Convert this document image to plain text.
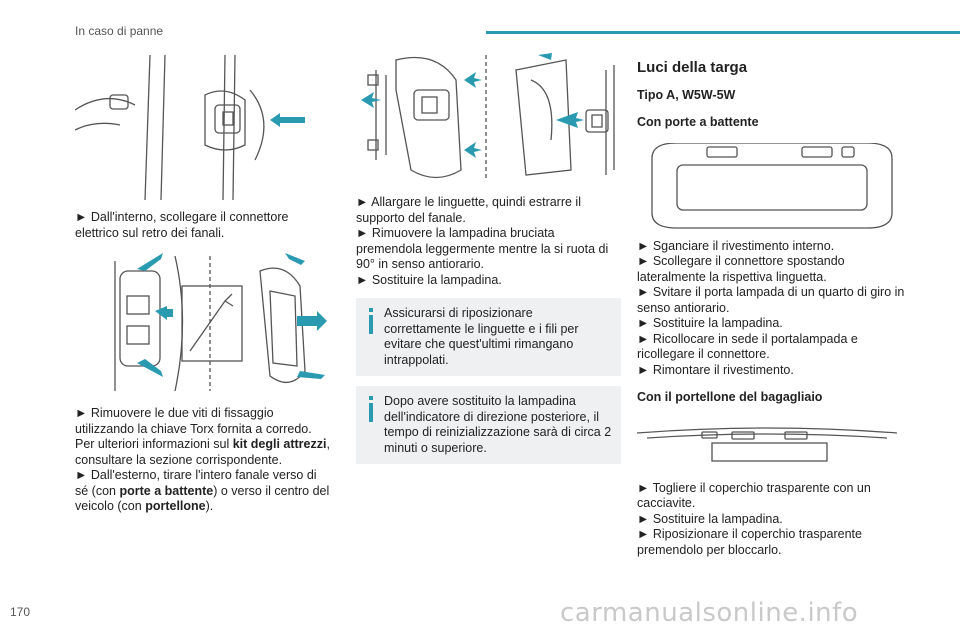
In caso di panne

► Dall'interno, scollegare il connettore elettrico sul retro dei fanali.

► Rimuovere le due viti di fissaggio utilizzando la chiave Torx fornita a corredo.

Per ulteriori informazioni sul kit degli attrezzi, consultare la sezione corrispondente.

► Dall'esterno, tirare l'intero fanale verso di sé (con porte a battente) o verso il centro del veicolo (con portellone).

► Allargare le linguette, quindi estrarre il supporto del fanale.

► Rimuovere la lampadina bruciata premendola leggermente mentre la si ruota di 90° in senso antiorario.

► Sostituire la lampadina.

Assicurarsi di riposizionare correttamente le linguette e i fili per evitare che quest'ultimi rimangano intrappolati.

Dopo avere sostituito la lampadina dell'indicatore di direzione posteriore, il tempo di reinizializzazione sarà di circa 2 minuti o superiore.

Luci della targa
Tipo A, W5W-5W
Con porte a battente

► Sganciare il rivestimento interno.

► Scollegare il connettore spostando lateralmente la rispettiva linguetta.

► Svitare il porta lampada di un quarto di giro in senso antiorario.

► Sostituire la lampadina.

► Ricollocare in sede il portalampada e ricollegare il connettore.

► Rimontare il rivestimento.

Con il portellone del bagagliaio

► Togliere il coperchio trasparente con un cacciavite.

► Sostituire la lampadina.

► Riposizionare il coperchio trasparente premendolo per bloccarlo.

170	carmanualsonline.info
